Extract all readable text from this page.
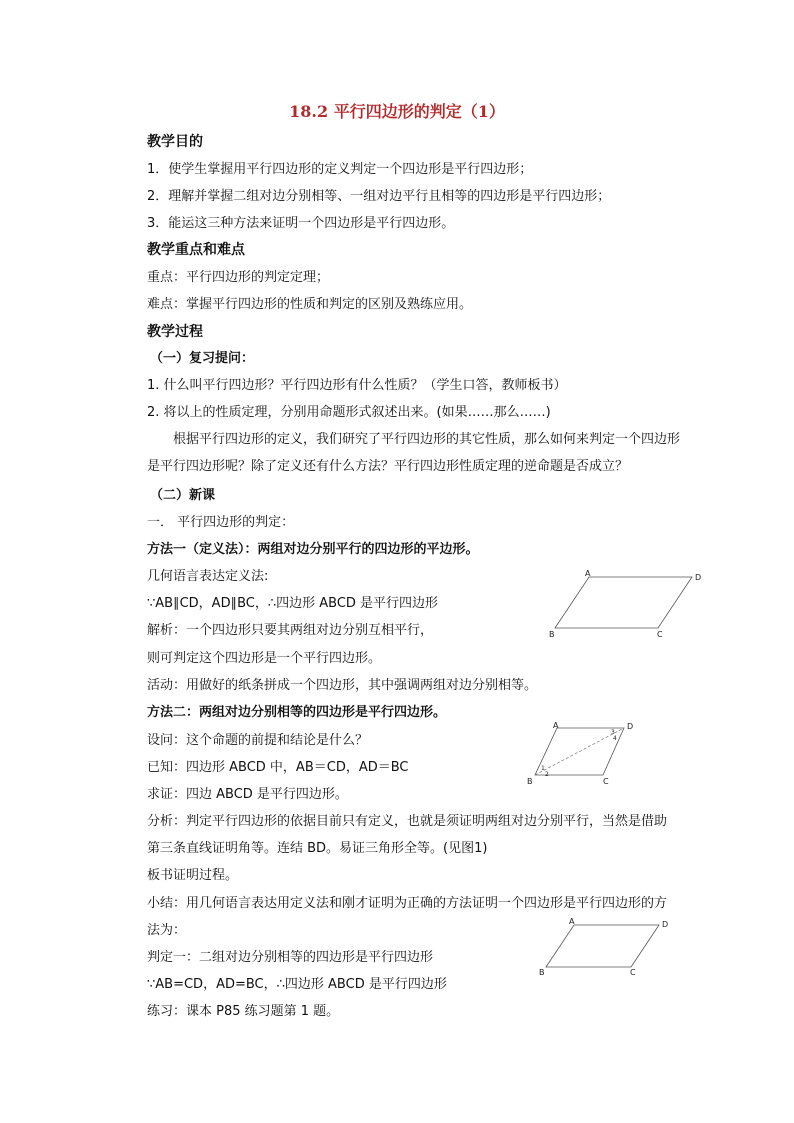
18.2 平行四边形的判定（1）
教学目的
1．使学生掌握用平行四边形的定义判定一个四边形是平行四边形；
2．理解并掌握二组对边分别相等、一组对边平行且相等的四边形是平行四边形；
3．能运这三种方法来证明一个四边形是平行四边形。
教学重点和难点
重点：平行四边形的判定定理；
难点：掌握平行四边形的性质和判定的区别及熟练应用。
教学过程
（一）复习提问：
1. 什么叫平行四边形？平行四边形有什么性质？（学生口答，教师板书）
2. 将以上的性质定理，分别用命题形式叙述出来。(如果……那么……)
根据平行四边形的定义，我们研究了平行四边形的其它性质，那么如何来判定一个四边形是平行四边形呢？除了定义还有什么方法？平行四边形性质定理的逆命题是否成立？
（二）新课
一． 平行四边形的判定：
方法一（定义法）：两组对边分别平行的四边形的平边形。
几何语言表达定义法:
∵AB∥CD，AD∥BC，∴四边形 ABCD 是平行四边形
解析：一个四边形只要其两组对边分别互相平行，
则可判定这个四边形是一个平行四边形。
活动：用做好的纸条拼成一个四边形，其中强调两组对边分别相等。
方法二：两组对边分别相等的四边形是平行四边形。
设问：这个命题的前提和结论是什么？
已知：四边形 ABCD 中，AB＝CD，AD＝BC
求证：四边 ABCD 是平行四边形。
分析：判定平行四边形的依据目前只有定义，也就是须证明两组对边分别平行，当然是借助第三条直线证明角等。连结 BD。易证三角形全等。(见图1)
板书证明过程。
小结：用几何语言表达用定义法和刚才证明为正确的方法证明一个四边形是平行四边形的方法为：
判定一：二组对边分别相等的四边形是平行四边形
∵AB=CD，AD=BC，∴四边形 ABCD 是平行四边形
练习：课本 P85 练习题第 1 题。
A	D
B	C
A	D
B	C
1
2
3
4
A	D
B	C
